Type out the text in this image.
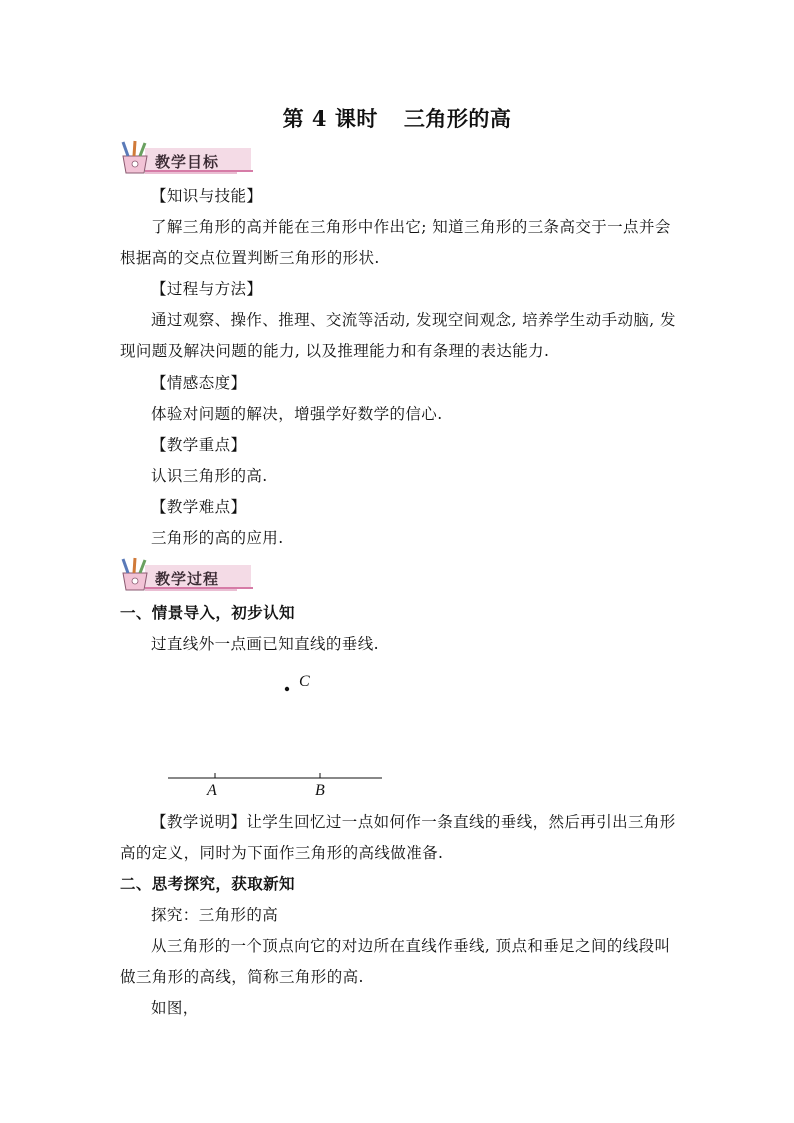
第 4 课时 三角形的高
教学目标
【知识与技能】
了解三角形的高并能在三角形中作出它; 知道三角形的三条高交于一点并会
根据高的交点位置判断三角形的形状.
【过程与方法】
通过观察、操作、推理、交流等活动, 发现空间观念, 培养学生动手动脑, 发
现问题及解决问题的能力, 以及推理能力和有条理的表达能力.
【情感态度】
体验对问题的解决，增强学好数学的信心.
【教学重点】
认识三角形的高.
【教学难点】
三角形的高的应用.
教学过程
一、情景导入，初步认知
过直线外一点画已知直线的垂线.
C
A	B
【教学说明】让学生回忆过一点如何作一条直线的垂线，然后再引出三角形
高的定义，同时为下面作三角形的高线做准备.
二、思考探究，获取新知
探究：三角形的高
从三角形的一个顶点向它的对边所在直线作垂线, 顶点和垂足之间的线段叫
做三角形的高线，简称三角形的高.
如图，
